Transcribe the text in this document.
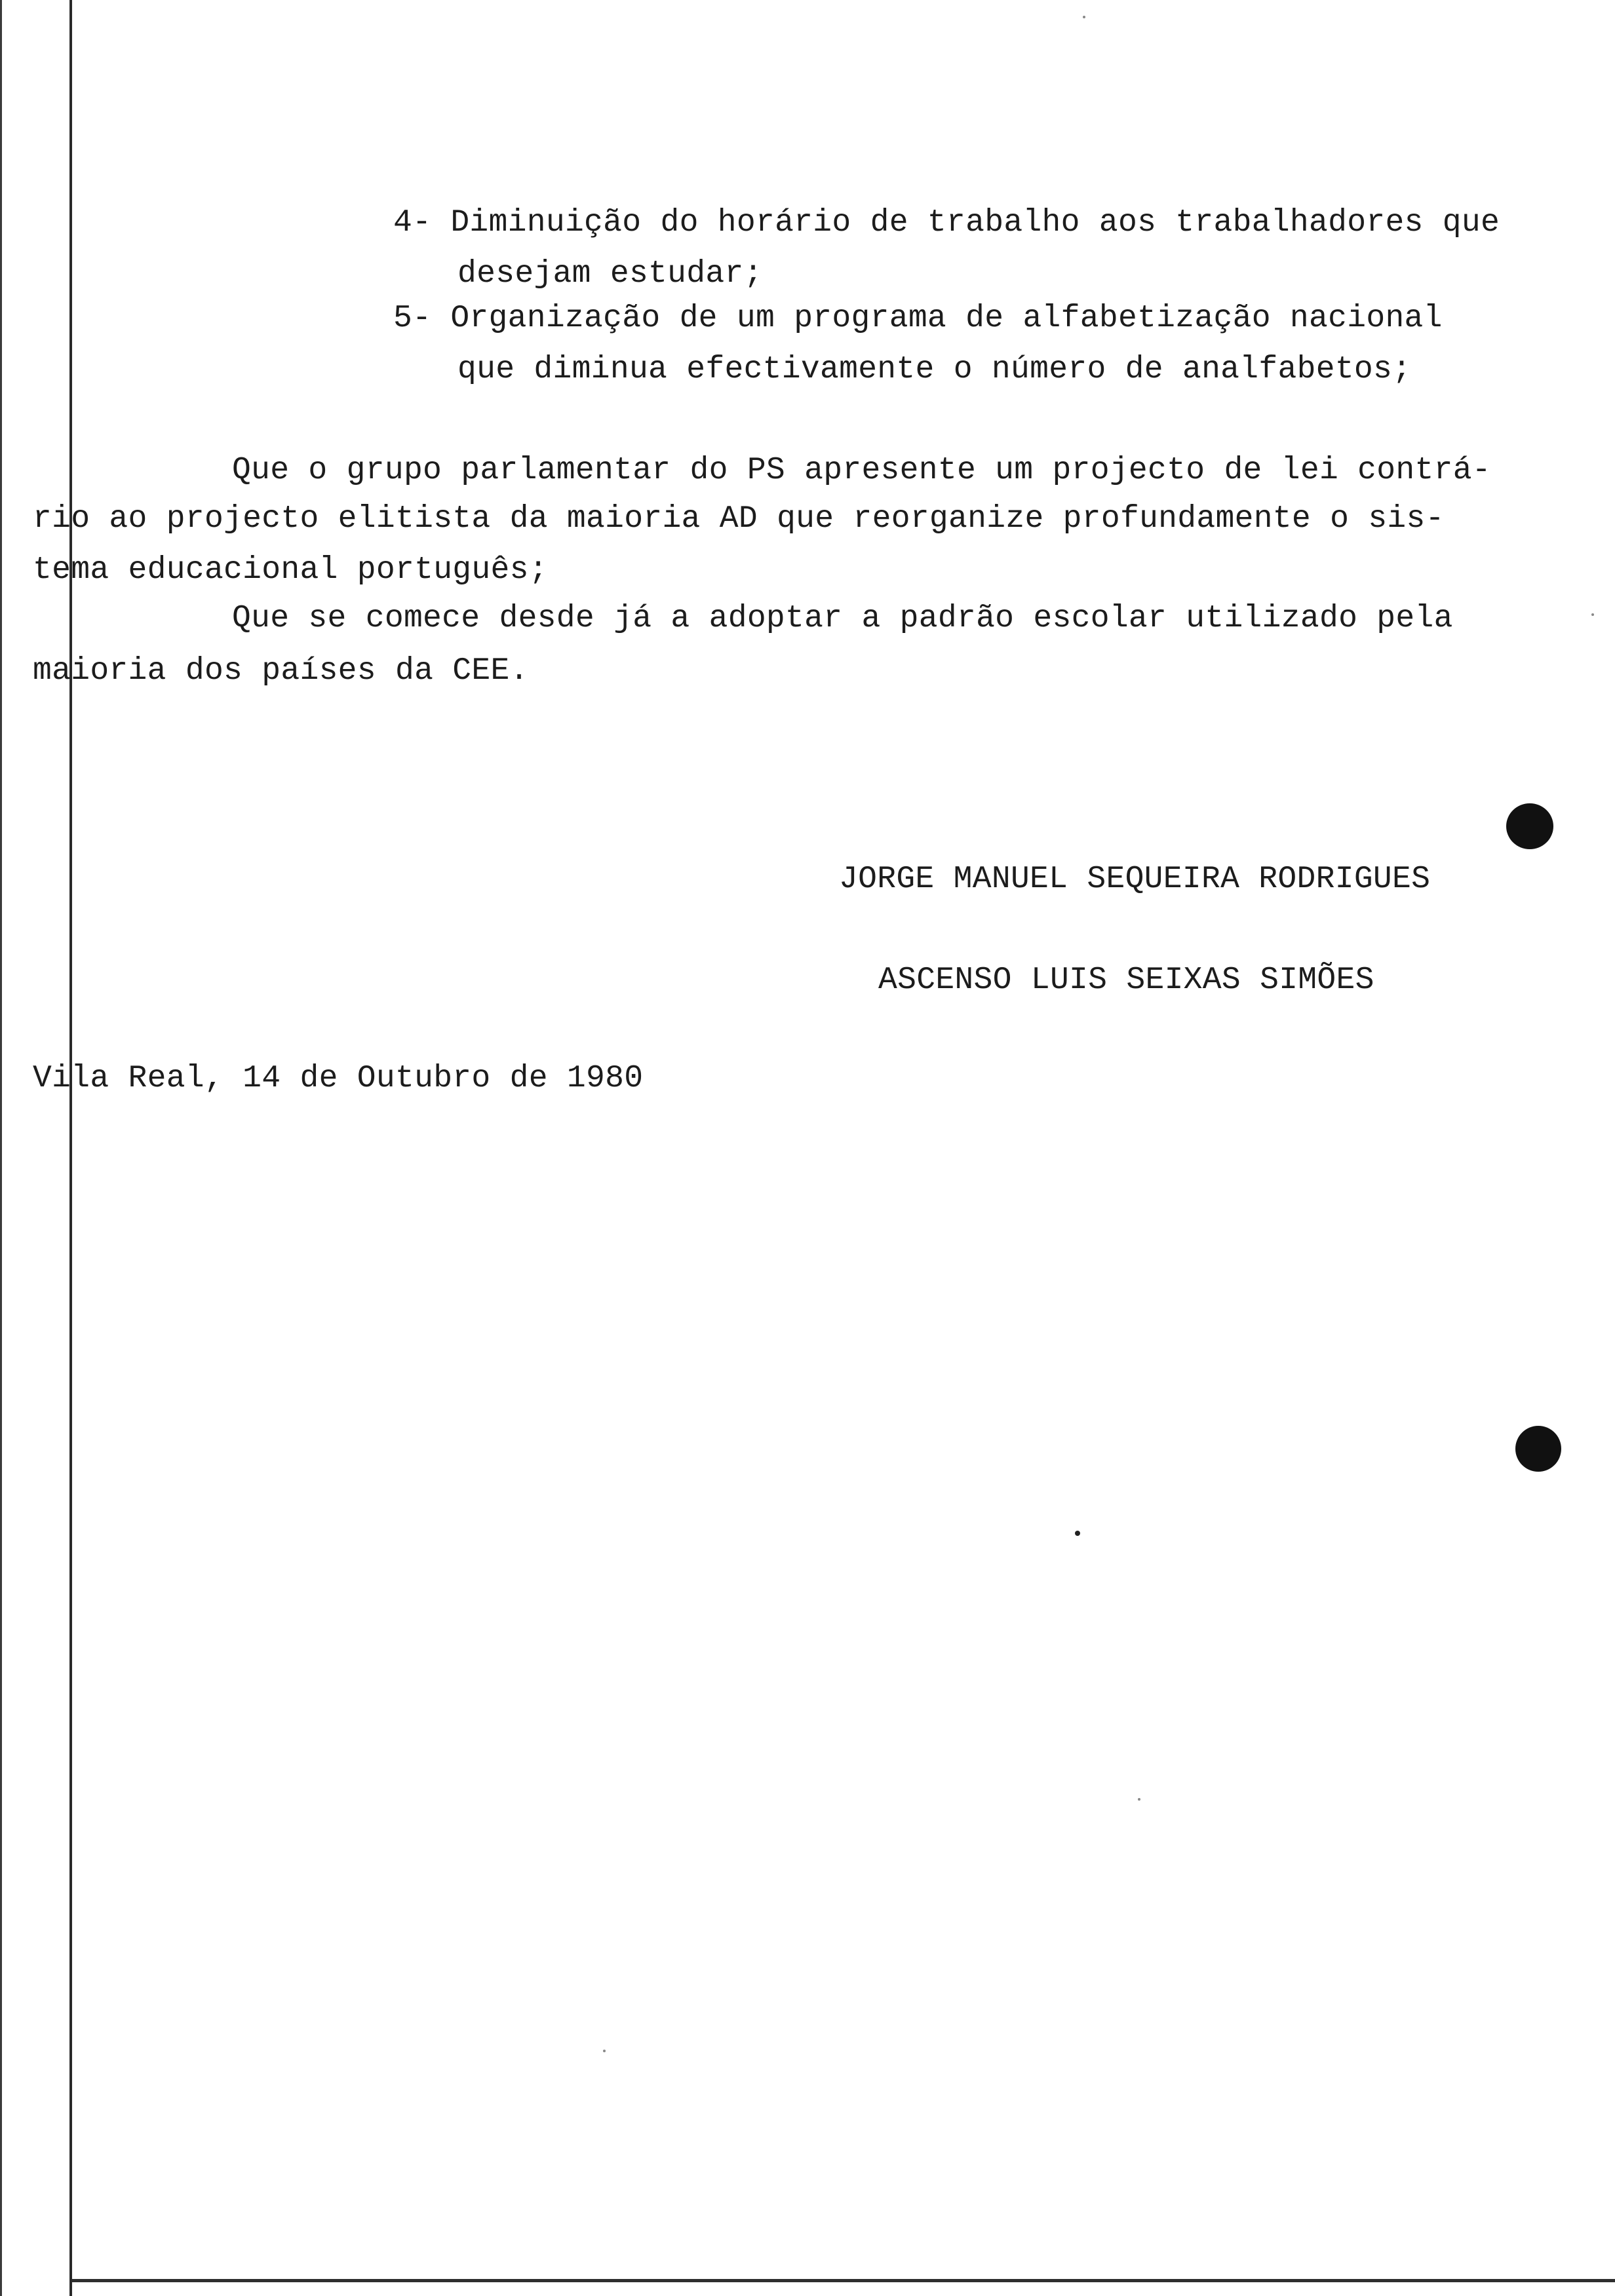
4- Diminuição do horário de trabalho aos trabalhadores que
desejam estudar;
5- Organização de um programa de alfabetização nacional
que diminua efectivamente o número de analfabetos;
Que o grupo parlamentar do PS apresente um projecto de lei contrá-
rio ao projecto elitista da maioria AD que reorganize profundamente o sis-
tema educacional português;
Que se comece desde já a adoptar a padrão escolar utilizado pela
maioria dos países da CEE.
JORGE MANUEL SEQUEIRA RODRIGUES
ASCENSO LUIS SEIXAS SIMÕES
Vila Real, 14 de Outubro de 1980
